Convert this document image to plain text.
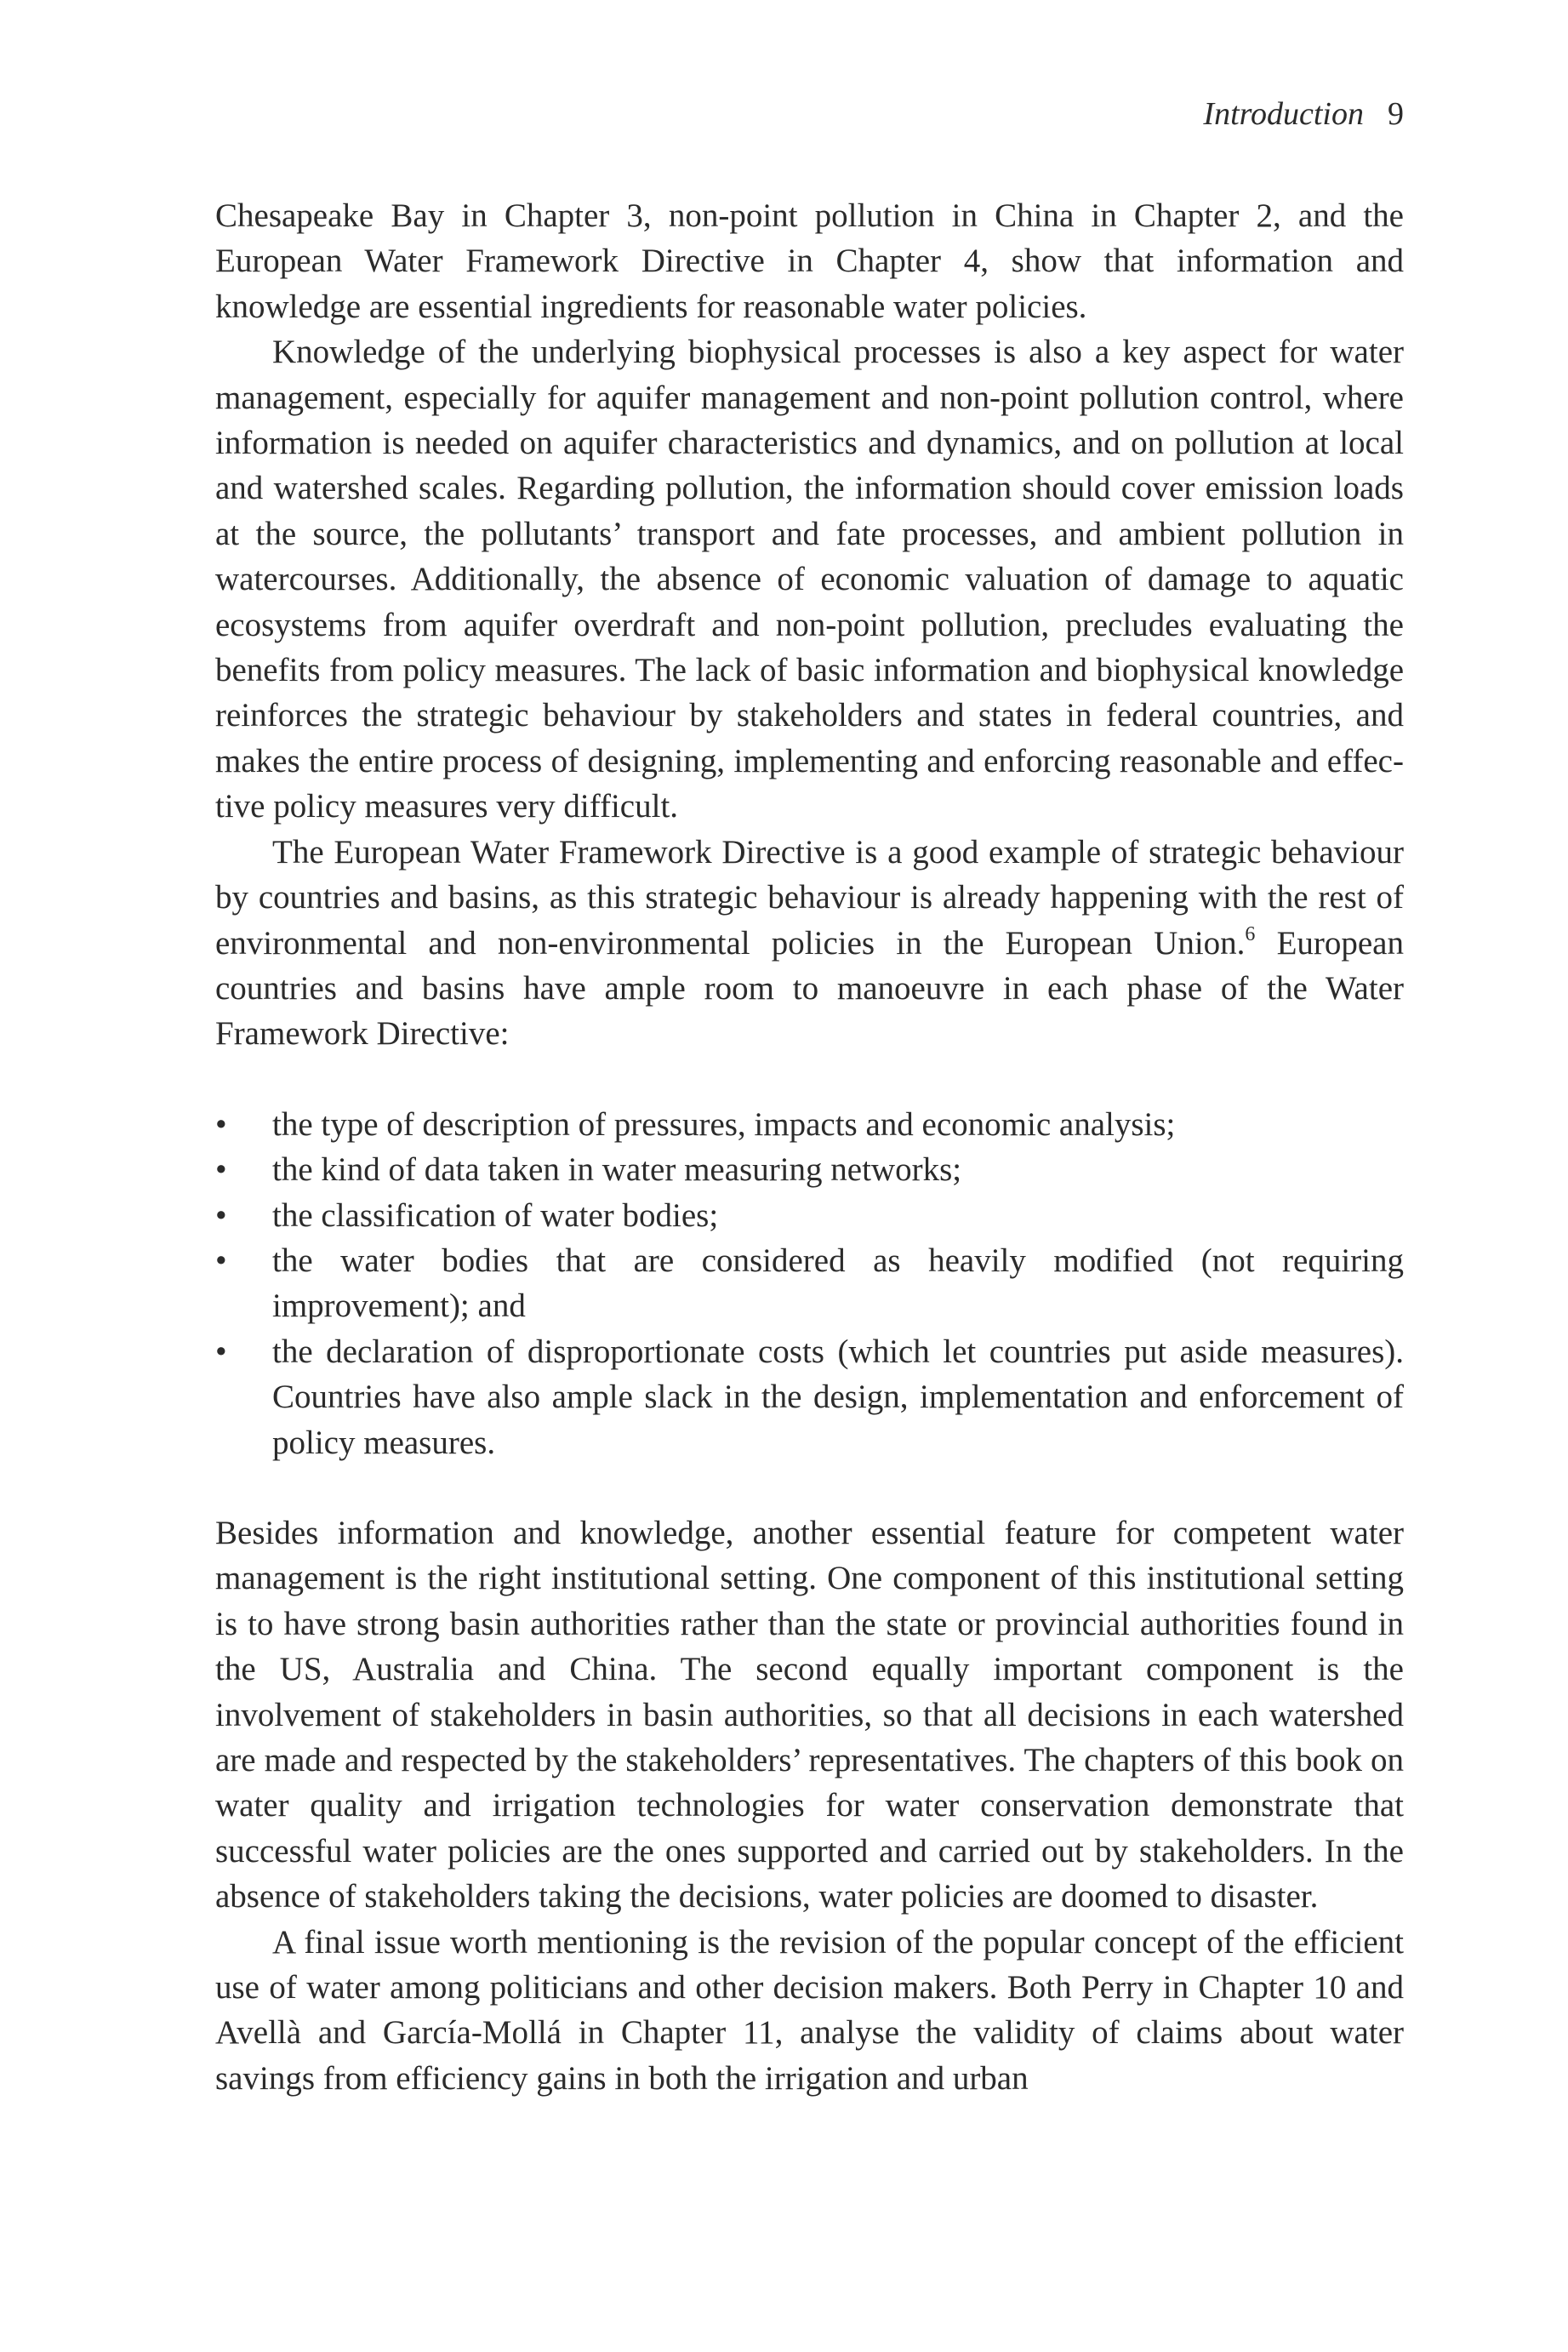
Introduction 9

Chesapeake Bay in Chapter 3, non-point pollution in China in Chapter 2, and the European Water Framework Directive in Chapter 4, show that information and knowledge are essential ingredients for reasonable water policies.

Knowledge of the underlying biophysical processes is also a key aspect for water management, especially for aquifer management and non-point pollution control, where information is needed on aquifer characteristics and dynamics, and on pollution at local and watershed scales. Regarding pollution, the information should cover emission loads at the source, the pollutants’ transport and fate processes, and ambient pollution in watercourses. Additionally, the absence of economic valuation of damage to aquatic ecosystems from aquifer overdraft and non-point pollution, precludes evaluating the benefits from policy measures. The lack of basic information and biophysical knowledge reinforces the strategic behaviour by stakeholders and states in federal countries, and makes the entire process of designing, implementing and enforcing reasonable and effective policy measures very difficult.

The European Water Framework Directive is a good example of strategic behaviour by countries and basins, as this strategic behaviour is already happening with the rest of environmental and non-environmental policies in the European Union.$^6$ European countries and basins have ample room to manoeuvre in each phase of the Water Framework Directive:

•	the type of description of pressures, impacts and economic analysis;
•	the kind of data taken in water measuring networks;
•	the classification of water bodies;
•	the water bodies that are considered as heavily modified (not requiring improvement); and
•	the declaration of disproportionate costs (which let countries put aside measures). Countries have also ample slack in the design, implementation and enforcement of policy measures.

Besides information and knowledge, another essential feature for competent water management is the right institutional setting. One component of this institutional setting is to have strong basin authorities rather than the state or provincial authorities found in the US, Australia and China. The second equally important component is the involvement of stakeholders in basin authorities, so that all decisions in each watershed are made and respected by the stakeholders’ representatives. The chapters of this book on water quality and irrigation technologies for water conservation demonstrate that successful water policies are the ones supported and carried out by stakeholders. In the absence of stakeholders taking the decisions, water policies are doomed to disaster.

A final issue worth mentioning is the revision of the popular concept of the efficient use of water among politicians and other decision makers. Both Perry in Chapter 10 and Avellà and García-Mollá in Chapter 11, analyse the validity of claims about water savings from efficiency gains in both the irrigation and urban
